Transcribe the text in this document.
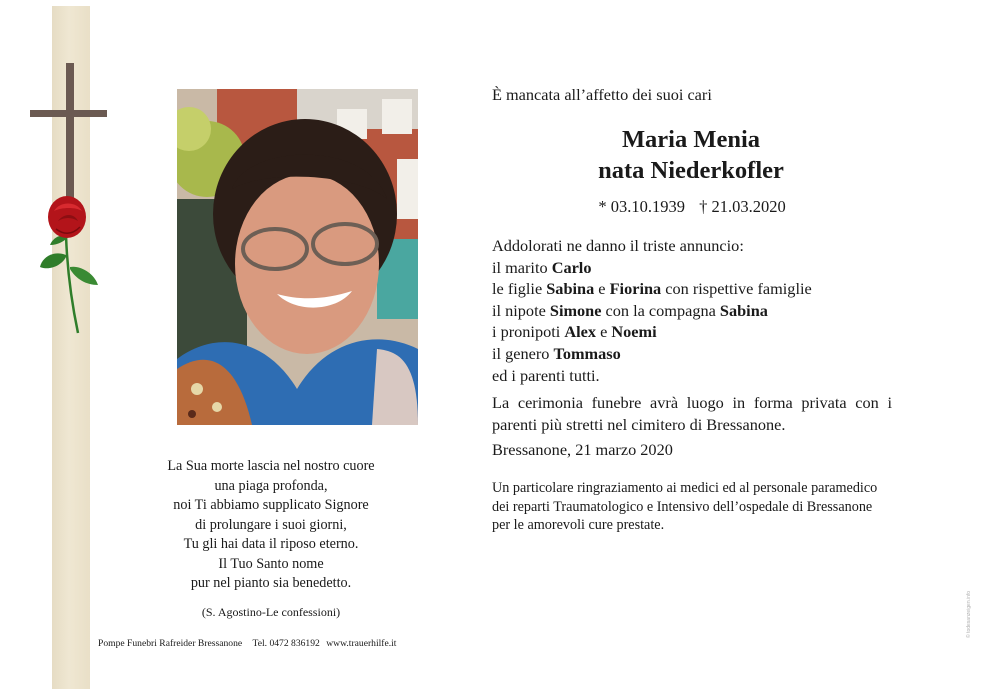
La Sua morte lascia nel nostro cuore
una piaga profonda,
noi Ti abbiamo supplicato Signore
di prolungare i suoi giorni,
Tu gli hai data il riposo eterno.
Il Tuo Santo nome
pur nel pianto sia benedetto.
(S. Agostino-Le confessioni)
Pompe Funebri Rafreider Bressanone Tel. 0472 836192 www.trauerhilfe.it
È mancata all’affetto dei suoi cari
Maria Menia
nata Niederkofler
* 03.10.1939 † 21.03.2020
Addolorati ne danno il triste annuncio:
il marito Carlo
le figlie Sabina e Fiorina con rispettive famiglie
il nipote Simone con la compagna Sabina
i pronipoti Alex e Noemi
il genero Tommaso
ed i parenti tutti.
La cerimonia funebre avrà luogo in forma privata con i parenti più stretti nel cimitero di Bressanone.
Bressanone, 21 marzo 2020
Un particolare ringraziamento ai medici ed al personale paramedico dei reparti Traumatologico e Intensivo dell’ospedale di Bressanone per le amorevoli cure prestate.
© todesanzeigen.info
